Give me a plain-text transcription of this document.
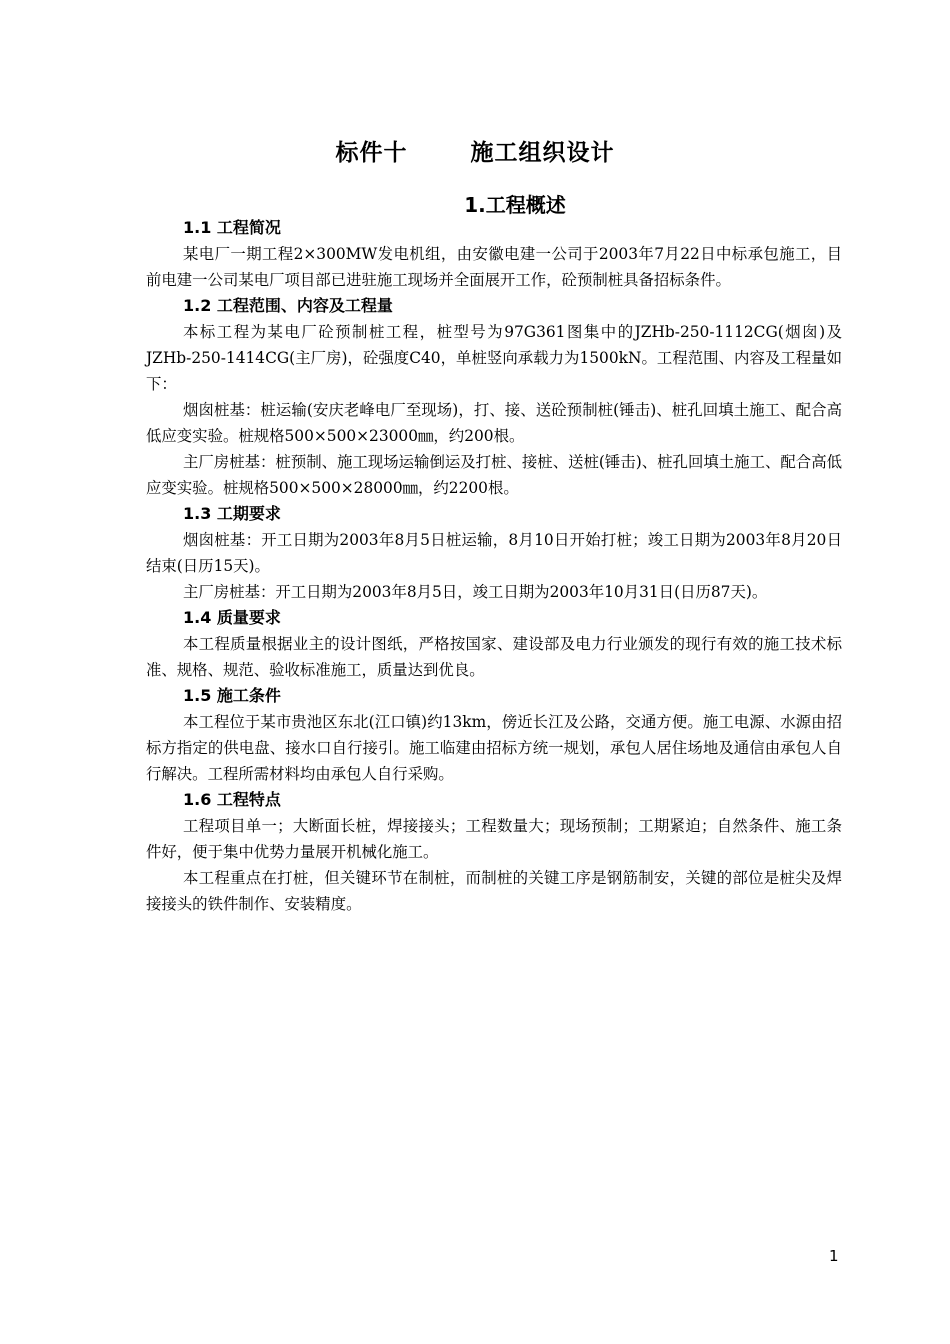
标件十       施工组织设计
1.工程概述
1.1 工程简况

某电厂一期工程2×300MW发电机组，由安徽电建一公司于2003年7月22日中标承包施工，目前电建一公司某电厂项目部已进驻施工现场并全面展开工作，砼预制桩具备招标条件。

1.2 工程范围、内容及工程量

本标工程为某电厂砼预制桩工程，桩型号为97G361图集中的JZHb-250-1112CG(烟囱)及JZHb-250-1414CG(主厂房)，砼强度C40，单桩竖向承载力为1500kN。工程范围、内容及工程量如下：

烟囱桩基：桩运输(安庆老峰电厂至现场)，打、接、送砼预制桩(锤击)、桩孔回填土施工、配合高低应变实验。桩规格500×500×23000㎜，约200根。

主厂房桩基：桩预制、施工现场运输倒运及打桩、接桩、送桩(锤击)、桩孔回填土施工、配合高低应变实验。桩规格500×500×28000㎜，约2200根。

1.3 工期要求

烟囱桩基：开工日期为2003年8月5日桩运输，8月10日开始打桩；竣工日期为2003年8月20日结束(日历15天)。

主厂房桩基：开工日期为2003年8月5日，竣工日期为2003年10月31日(日历87天)。

1.4 质量要求

本工程质量根据业主的设计图纸，严格按国家、建设部及电力行业颁发的现行有效的施工技术标准、规格、规范、验收标准施工，质量达到优良。

1.5 施工条件

本工程位于某市贵池区东北(江口镇)约13km，傍近长江及公路，交通方便。施工电源、水源由招标方指定的供电盘、接水口自行接引。施工临建由招标方统一规划，承包人居住场地及通信由承包人自行解决。工程所需材料均由承包人自行采购。

1.6 工程特点

工程项目单一；大断面长桩，焊接接头；工程数量大；现场预制；工期紧迫；自然条件、施工条件好，便于集中优势力量展开机械化施工。

本工程重点在打桩，但关键环节在制桩，而制桩的关键工序是钢筋制安，关键的部位是桩尖及焊接接头的铁件制作、安装精度。

1
